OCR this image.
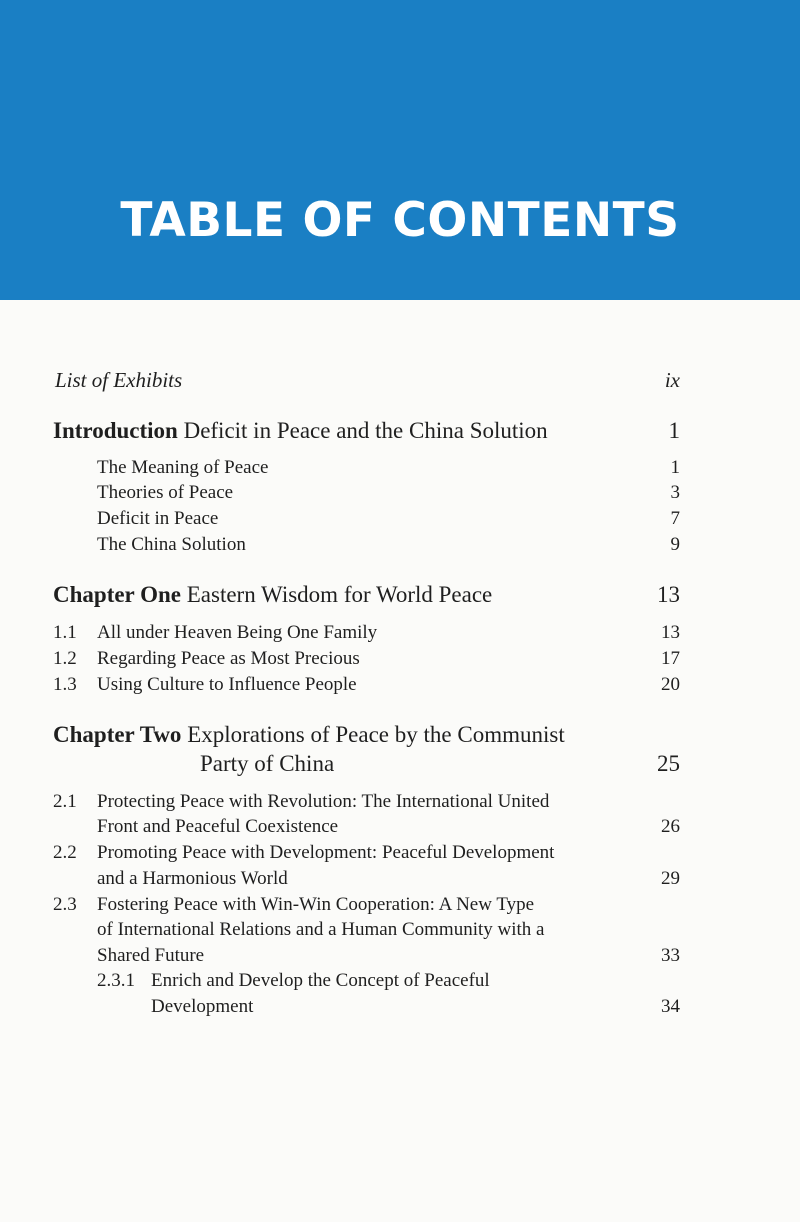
TABLE OF CONTENTS
List of Exhibits	ix
Introduction Deficit in Peace and the China Solution	1
The Meaning of Peace	1
Theories of Peace	3
Deficit in Peace	7
The China Solution	9
Chapter One Eastern Wisdom for World Peace	13
1.1 All under Heaven Being One Family	13
1.2 Regarding Peace as Most Precious	17
1.3 Using Culture to Influence People	20
Chapter Two Explorations of Peace by the Communist
Party of China	25
2.1 Protecting Peace with Revolution: The International United
Front and Peaceful Coexistence	26
2.2 Promoting Peace with Development: Peaceful Development
and a Harmonious World	29
2.3 Fostering Peace with Win-Win Cooperation: A New Type
of International Relations and a Human Community with a
Shared Future	33
2.3.1 Enrich and Develop the Concept of Peaceful
Development	34
